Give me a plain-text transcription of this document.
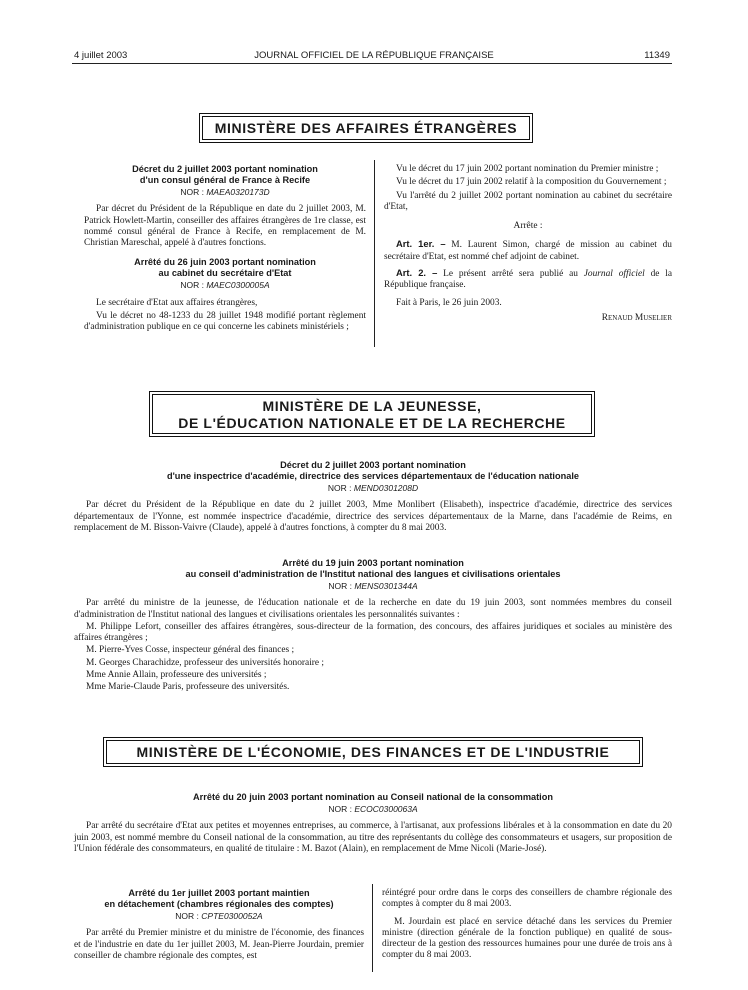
4 juillet 2003	JOURNAL OFFICIEL DE LA RÉPUBLIQUE FRANÇAISE	11349
MINISTÈRE DES AFFAIRES ÉTRANGÈRES
Décret du 2 juillet 2003 portant nomination
d'un consul général de France à Recife
NOR : MAEA0320173D

Par décret du Président de la République en date du 2 juillet 2003, M. Patrick Howlett-Martin, conseiller des affaires étrangères de 1re classe, est nommé consul général de France à Recife, en remplacement de M. Christian Mareschal, appelé à d'autres fonctions.

Arrêté du 26 juin 2003 portant nomination
au cabinet du secrétaire d'Etat
NOR : MAEC0300005A

Le secrétaire d'Etat aux affaires étrangères,

Vu le décret no 48-1233 du 28 juillet 1948 modifié portant règlement d'administration publique en ce qui concerne les cabinets ministériels ;

Vu le décret du 17 juin 2002 portant nomination du Premier ministre ;

Vu le décret du 17 juin 2002 relatif à la composition du Gouvernement ;

Vu l'arrêté du 2 juillet 2002 portant nomination au cabinet du secrétaire d'Etat,

Arrête :

Art. 1er. – M. Laurent Simon, chargé de mission au cabinet du secrétaire d'Etat, est nommé chef adjoint de cabinet.

Art. 2. – Le présent arrêté sera publié au Journal officiel de la République française.

Fait à Paris, le 26 juin 2003.

Renaud Muselier

MINISTÈRE DE LA JEUNESSE,
DE L'ÉDUCATION NATIONALE ET DE LA RECHERCHE
Décret du 2 juillet 2003 portant nomination
d'une inspectrice d'académie, directrice des services départementaux de l'éducation nationale
NOR : MEND0301208D

Par décret du Président de la République en date du 2 juillet 2003, Mme Monlibert (Elisabeth), inspectrice d'académie, directrice des services départementaux de l'Yonne, est nommée inspectrice d'académie, directrice des services départementaux de la Marne, dans l'académie de Reims, en remplacement de M. Bisson-Vaivre (Claude), appelé à d'autres fonctions, à compter du 8 mai 2003.

Arrêté du 19 juin 2003 portant nomination
au conseil d'administration de l'Institut national des langues et civilisations orientales
NOR : MENS0301344A

Par arrêté du ministre de la jeunesse, de l'éducation nationale et de la recherche en date du 19 juin 2003, sont nommées membres du conseil d'administration de l'Institut national des langues et civilisations orientales les personnalités suivantes :

M. Philippe Lefort, conseiller des affaires étrangères, sous-directeur de la formation, des concours, des affaires juridiques et sociales au ministère des affaires étrangères ;

M. Pierre-Yves Cosse, inspecteur général des finances ;

M. Georges Charachidze, professeur des universités honoraire ;

Mme Annie Allain, professeure des universités ;

Mme Marie-Claude Paris, professeure des universités.

MINISTÈRE DE L'ÉCONOMIE, DES FINANCES ET DE L'INDUSTRIE
Arrêté du 20 juin 2003 portant nomination au Conseil national de la consommation
NOR : ECOC0300063A

Par arrêté du secrétaire d'Etat aux petites et moyennes entreprises, au commerce, à l'artisanat, aux professions libérales et à la consommation en date du 20 juin 2003, est nommé membre du Conseil national de la consommation, au titre des représentants du collège des consommateurs et usagers, sur proposition de l'Union fédérale des consommateurs, en qualité de titulaire : M. Bazot (Alain), en remplacement de Mme Nicoli (Marie-José).

Arrêté du 1er juillet 2003 portant maintien
en détachement (chambres régionales des comptes)
NOR : CPTE0300052A

Par arrêté du Premier ministre et du ministre de l'économie, des finances et de l'industrie en date du 1er juillet 2003, M. Jean-Pierre Jourdain, premier conseiller de chambre régionale des comptes, est

réintégré pour ordre dans le corps des conseillers de chambre régionale des comptes à compter du 8 mai 2003.

M. Jourdain est placé en service détaché dans les services du Premier ministre (direction générale de la fonction publique) en qualité de sous-directeur de la gestion des ressources humaines pour une durée de trois ans à compter du 8 mai 2003.
